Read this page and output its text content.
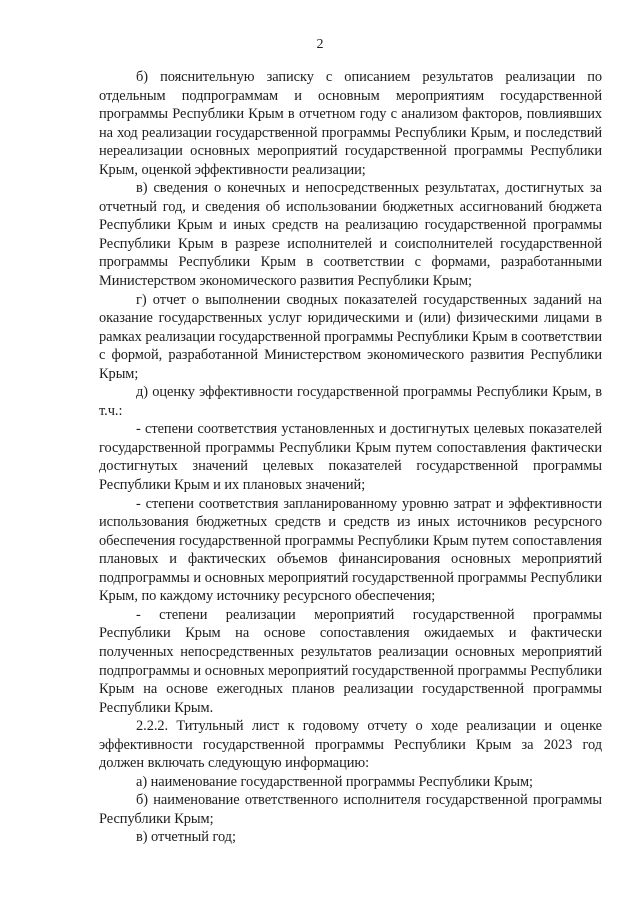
2

б) пояснительную записку с описанием результатов реализации по отдельным подпрограммам и основным мероприятиям государственной программы Республики Крым в отчетном году с анализом факторов, повлиявших на ход реализации государственной программы Республики Крым, и последствий нереализации основных мероприятий государственной программы Республики Крым, оценкой эффективности реализации;

в) сведения о конечных и непосредственных результатах, достигнутых за отчетный год, и сведения об использовании бюджетных ассигнований бюджета Республики Крым и иных средств на реализацию государственной программы Республики Крым в разрезе исполнителей и соисполнителей государственной программы Республики Крым в соответствии с формами, разработанными Министерством экономического развития Республики Крым;

г) отчет о выполнении сводных показателей государственных заданий на оказание государственных услуг юридическими и (или) физическими лицами в рамках реализации государственной программы Республики Крым в соответствии с формой, разработанной Министерством экономического развития Республики Крым;

д) оценку эффективности государственной программы Республики Крым, в т.ч.:

- степени соответствия установленных и достигнутых целевых показателей государственной программы Республики Крым путем сопоставления фактически достигнутых значений целевых показателей государственной программы Республики Крым и их плановых значений;

- степени соответствия запланированному уровню затрат и эффективности использования бюджетных средств и средств из иных источников ресурсного обеспечения государственной программы Республики Крым путем сопоставления плановых и фактических объемов финансирования основных мероприятий подпрограммы и основных мероприятий государственной программы Республики Крым, по каждому источнику ресурсного обеспечения;

- степени реализации мероприятий государственной программы Республики Крым на основе сопоставления ожидаемых и фактически полученных непосредственных результатов реализации основных мероприятий подпрограммы и основных мероприятий государственной программы Республики Крым на основе ежегодных планов реализации государственной программы Республики Крым.

2.2.2. Титульный лист к годовому отчету о ходе реализации и оценке эффективности государственной программы Республики Крым за 2023 год должен включать следующую информацию:

а) наименование государственной программы Республики Крым;

б) наименование ответственного исполнителя государственной программы Республики Крым;

в) отчетный год;
